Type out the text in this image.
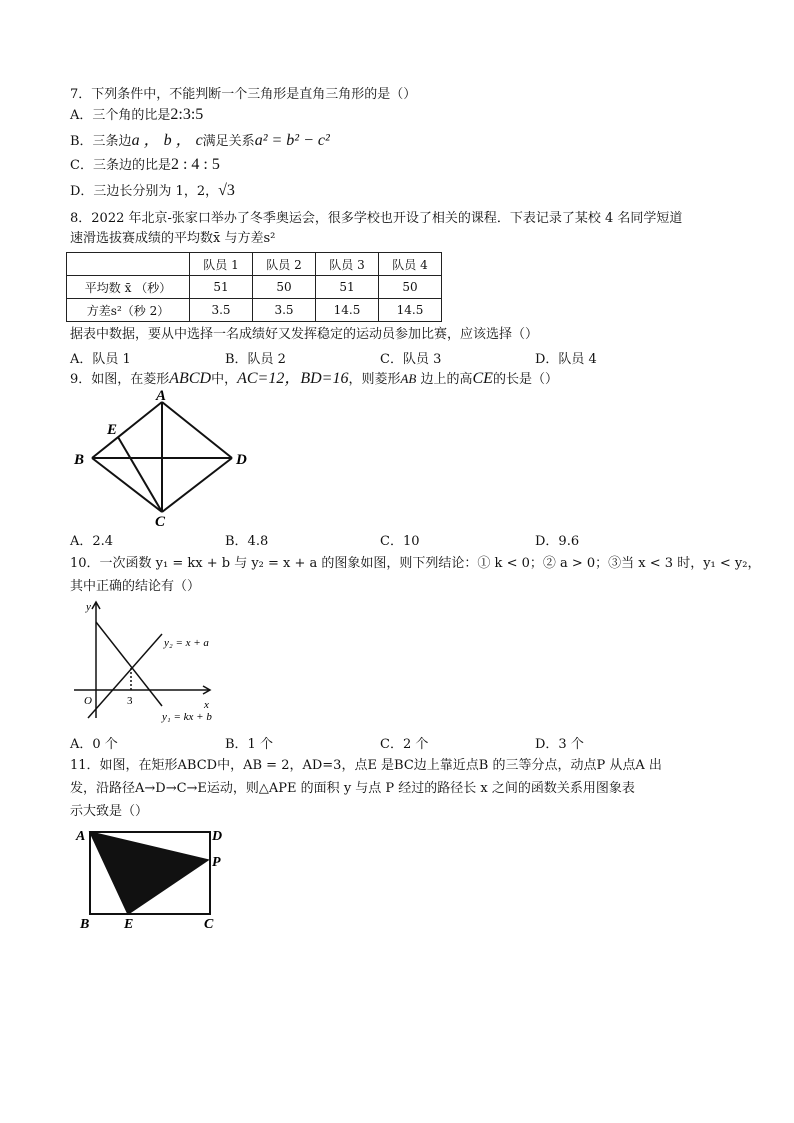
7．下列条件中，不能判断一个三角形是直角三角形的是（）
A．三个角的比是2:3:5
B．三条边a ， b ， c满足关系a² = b² − c²
C．三条边的比是2 : 4 : 5
D．三边长分别为 1，2，√3
8．2022 年北京-张家口举办了冬季奥运会，很多学校也开设了相关的课程．下表记录了某校 4 名同学短道
速滑选拔赛成绩的平均数x̄ 与方差s²
	队员 1	队员 2	队员 3	队员 4
平均数 x̄ （秒）	51	50	51	50
方差s²（秒 2）	3.5	3.5	14.5	14.5
据表中数据，要从中选择一名成绩好又发挥稳定的运动员参加比赛，应该选择（）
A．队员 1	B．队员 2	C．队员 3	D．队员 4
9．如图，在菱形ABCD中，AC=12，BD=16，则菱形AB 边上的高CE的长是（）
A
B
C
D
E
A．2.4	B．4.8	C．10	D．9.6
10．一次函数 y₁ = kx + b 与 y₂ = x + a 的图象如图，则下列结论：① k < 0；② a > 0；③当 x < 3 时，y₁ < y₂，
其中正确的结论有（）
y
x
O	3
y₂ = x + a
y₁ = kx + b
A．0 个	B．1 个	C．2 个	D．3 个
11．如图，在矩形ABCD中，AB = 2，AD=3，点E 是BC边上靠近点B 的三等分点，动点P 从点A 出
发，沿路径A→D→C→E运动，则△APE 的面积 y 与点 P 经过的路径长 x 之间的函数关系用图象表
示大致是（）
A	D
P
B E	C
